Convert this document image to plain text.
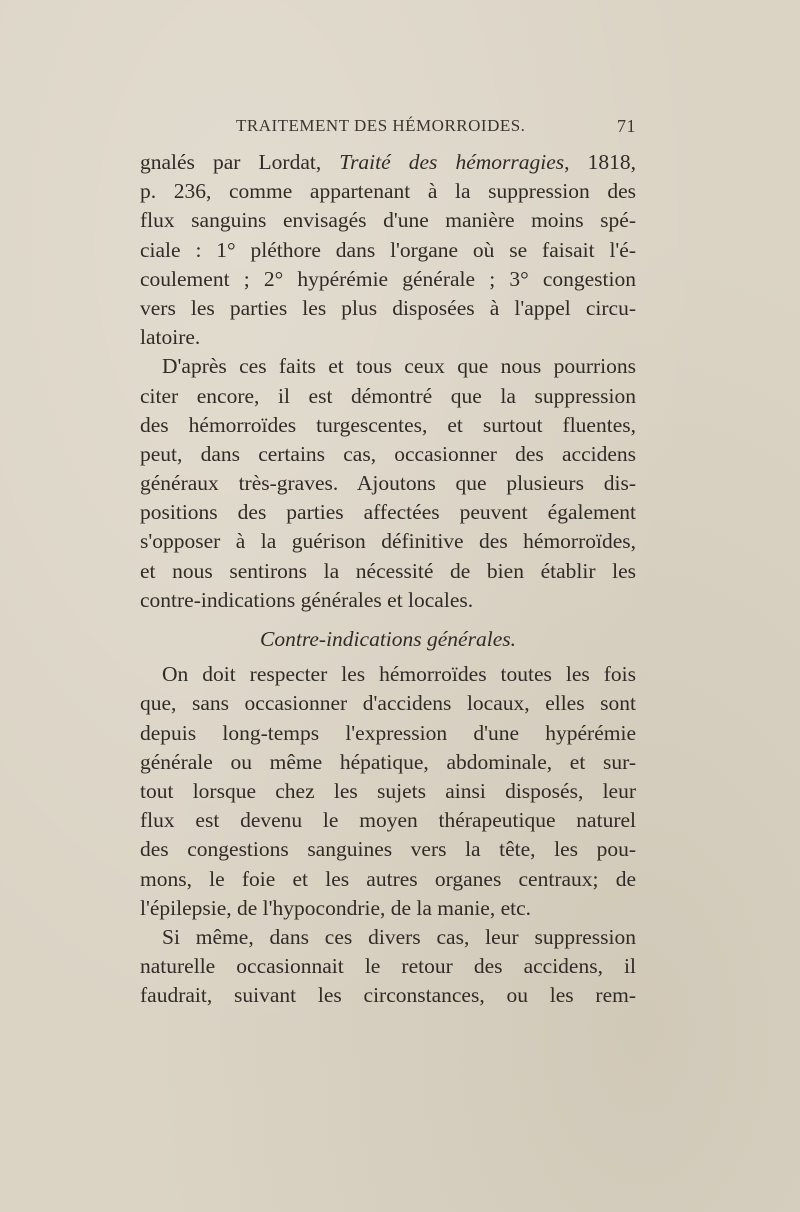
TRAITEMENT DES HÉMORROIDES.	71
gnalés par Lordat, Traité des hémorragies, 1818,
p. 236, comme appartenant à la suppression des
flux sanguins envisagés d'une manière moins spé-
ciale : 1° pléthore dans l'organe où se faisait l'é-
coulement ; 2° hypérémie générale ; 3° congestion
vers les parties les plus disposées à l'appel circu-
latoire.
D'après ces faits et tous ceux que nous pourrions
citer encore, il est démontré que la suppression
des hémorroïdes turgescentes, et surtout fluentes,
peut, dans certains cas, occasionner des accidens
généraux très-graves. Ajoutons que plusieurs dis-
positions des parties affectées peuvent également
s'opposer à la guérison définitive des hémorroïdes,
et nous sentirons la nécessité de bien établir les
contre-indications générales et locales.
Contre-indications générales.
On doit respecter les hémorroïdes toutes les fois
que, sans occasionner d'accidens locaux, elles sont
depuis long-temps l'expression d'une hypérémie
générale ou même hépatique, abdominale, et sur-
tout lorsque chez les sujets ainsi disposés, leur
flux est devenu le moyen thérapeutique naturel
des congestions sanguines vers la tête, les pou-
mons, le foie et les autres organes centraux; de
l'épilepsie, de l'hypocondrie, de la manie, etc.
Si même, dans ces divers cas, leur suppression
naturelle occasionnait le retour des accidens, il
faudrait, suivant les circonstances, ou les rem-
